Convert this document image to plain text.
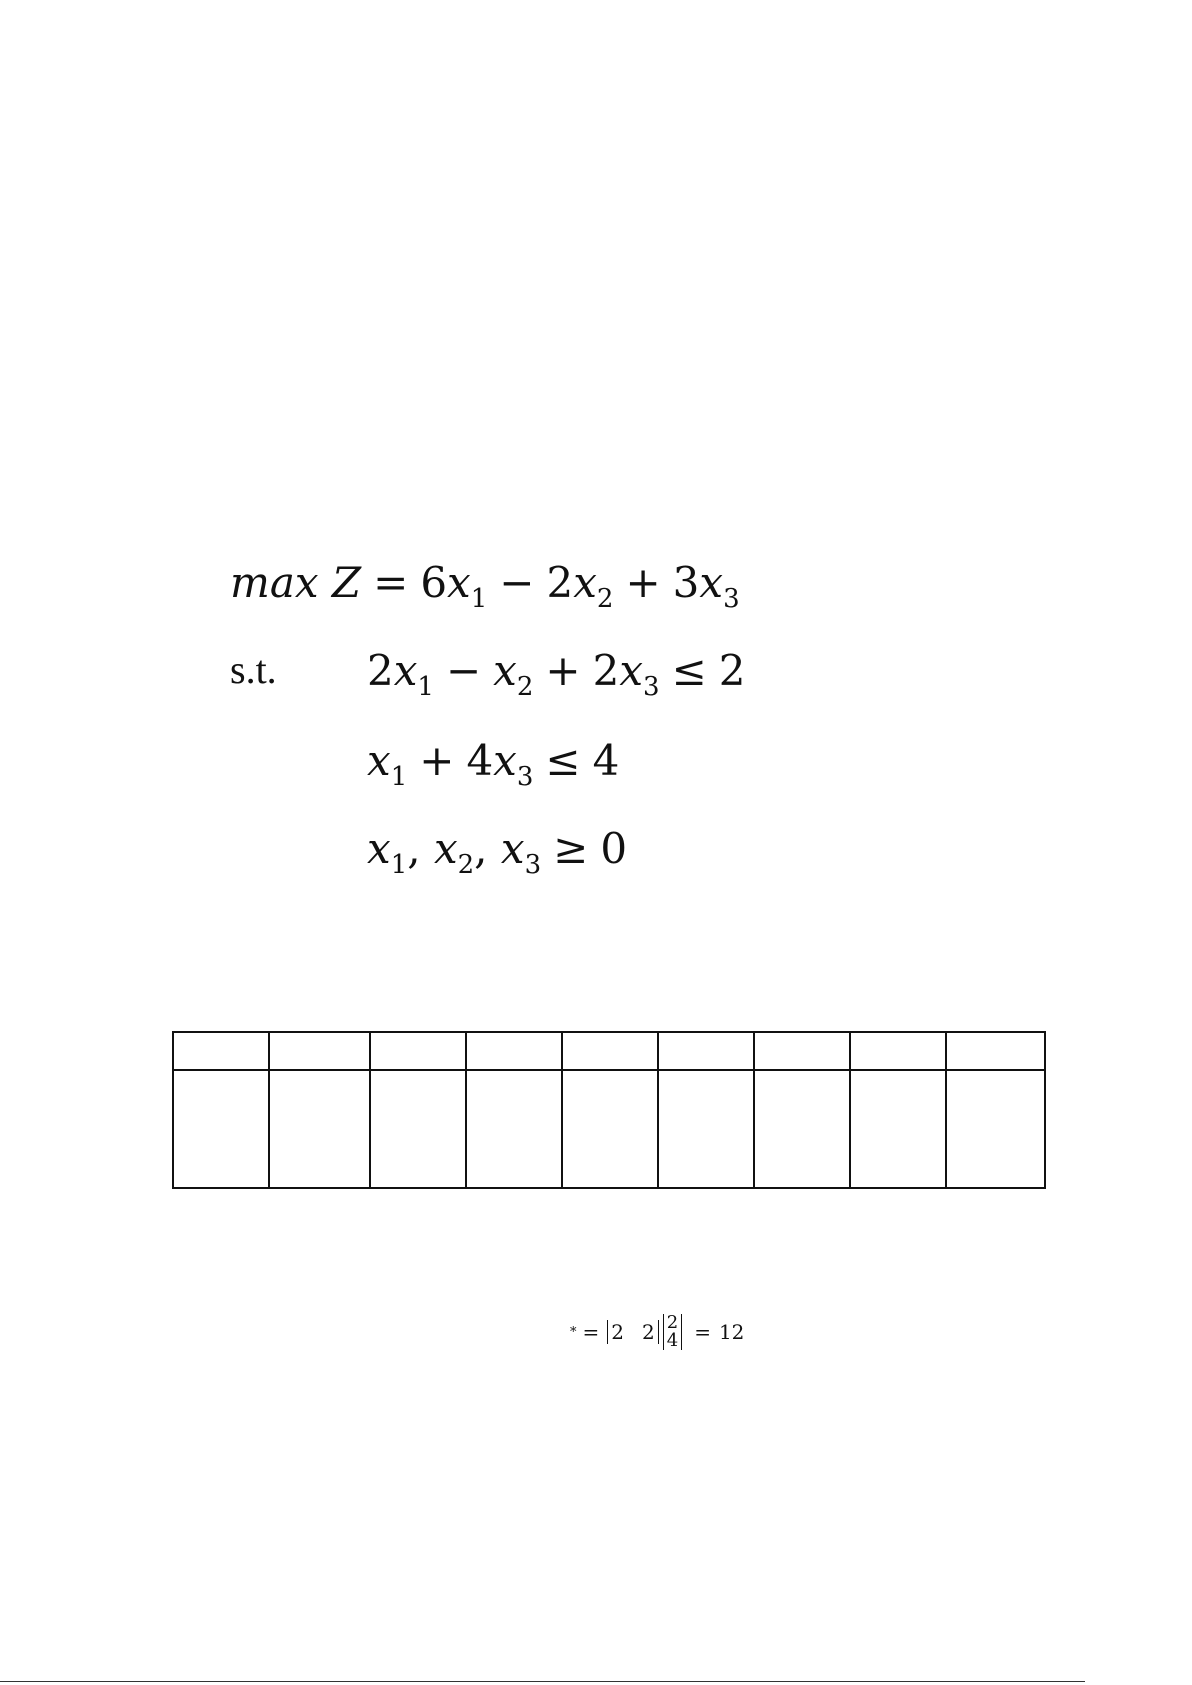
$\max Z = 6x_1 - 2x_2 + 3x_3$
s.t. $2x_1 - x_2 + 2x_3 \le 2$
$x_1 + 4x_3 \le 4$
$x_1$, $x_2$, $x_3 \ge 0$

* = 2 2 2
4 = 12
